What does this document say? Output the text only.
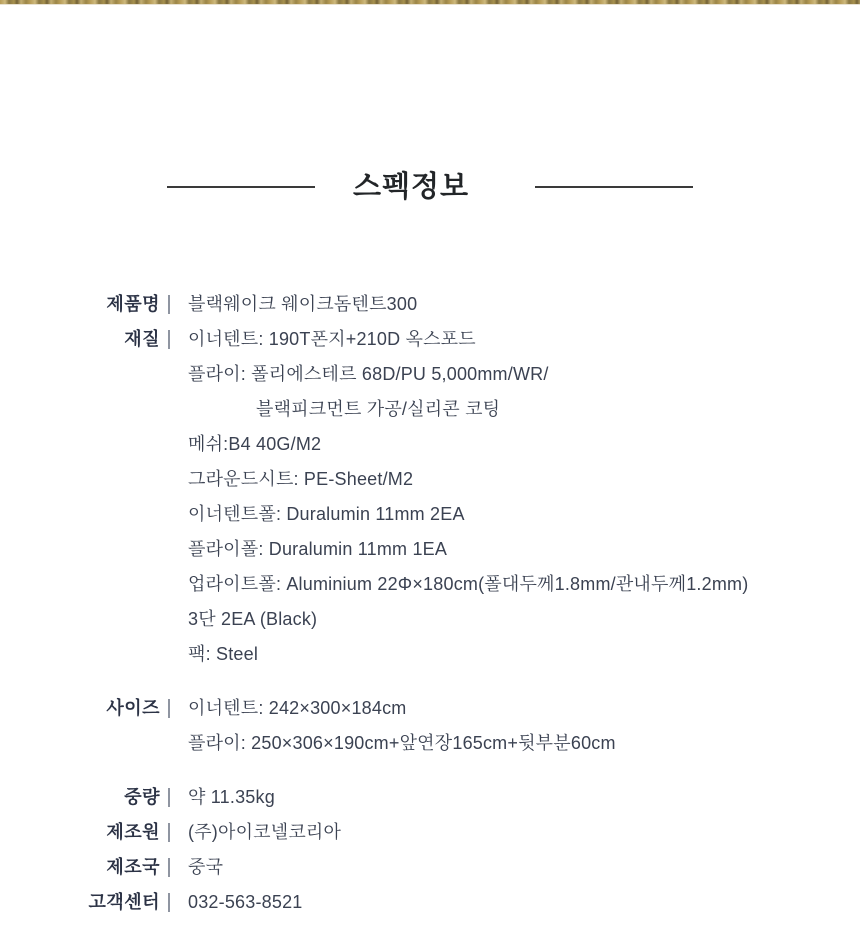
스펙정보
제품명 블랙웨이크 웨이크돔텐트300
재질 이너텐트: 190T폰지+210D 옥스포드
플라이: 폴리에스테르 68D/PU 5,000mm/WR/
블랙피크먼트 가공/실리콘 코팅
메쉬:B4 40G/M2
그라운드시트: PE-Sheet/M2
이너텐트폴: Duralumin 11mm 2EA
플라이폴: Duralumin 11mm 1EA
업라이트폴: Aluminium 22Φ×180cm(폴대두께1.8mm/관내두께1.2mm)
3단 2EA (Black)
팩: Steel
사이즈 이너텐트: 242×300×184cm
플라이: 250×306×190cm+앞연장165cm+뒷부분60cm
중량 약 11.35kg
제조원 (주)아이코넬코리아
제조국 중국
고객센터 032-563-8521
